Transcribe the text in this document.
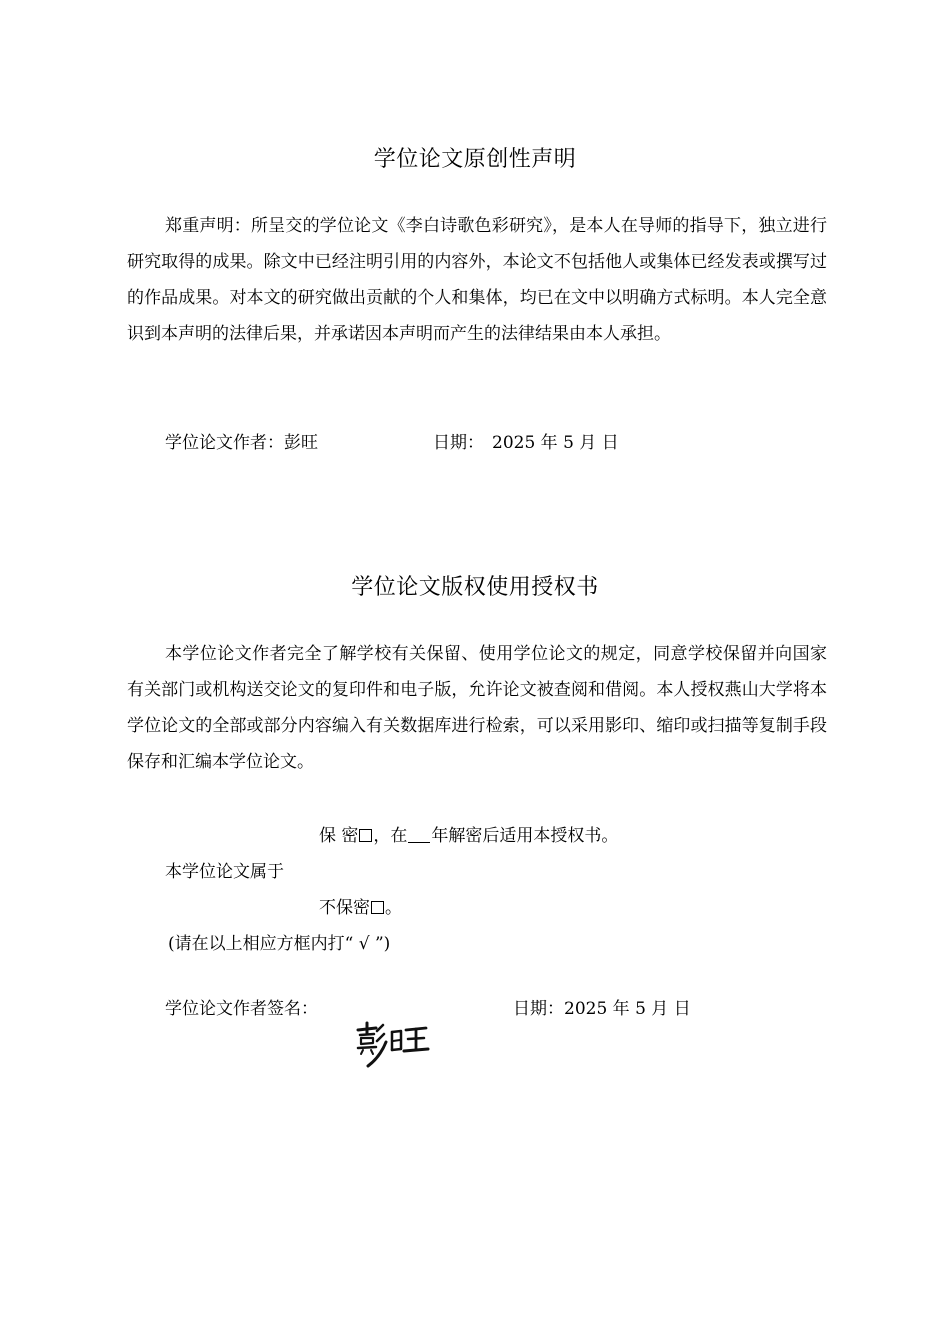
学位论文原创性声明

郑重声明：所呈交的学位论文《李白诗歌色彩研究》，是本人在导师的指导下，独立进行研究取得的成果。除文中已经注明引用的内容外，本论文不包括他人或集体已经发表或撰写过的作品成果。对本文的研究做出贡献的个人和集体，均已在文中以明确方式标明。本人完全意识到本声明的法律后果，并承诺因本声明而产生的法律结果由本人承担。

学位论文作者：彭旺	日期： 2025 年 5 月 日
学位论文版权使用授权书

本学位论文作者完全了解学校有关保留、使用学位论文的规定，同意学校保留并向国家有关部门或机构送交论文的复印件和电子版，允许论文被查阅和借阅。本人授权燕山大学将本学位论文的全部或部分内容编入有关数据库进行检索，可以采用影印、缩印或扫描等复制手段保存和汇编本学位论文。

保 密 ，在 年解密后适用本授权书。
本学位论文属于
不保密 。
(请在以上相应方框内打“ √ ”)
学位论文作者签名：	日期：2025 年 5 月 日
